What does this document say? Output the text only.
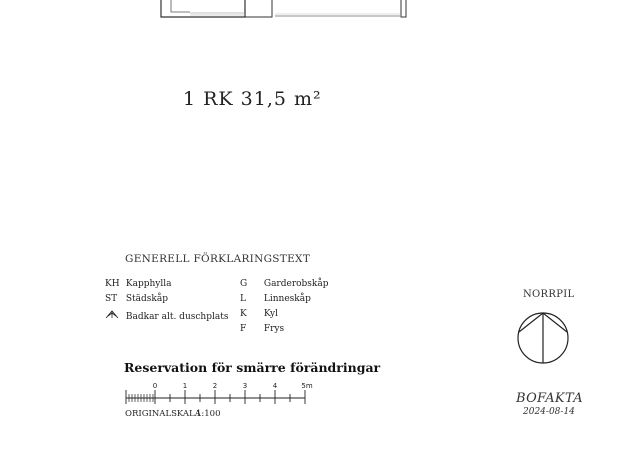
1 RK 31,5 m²
GENERELL FÖRKLARINGSTEXT
KH Kapphylla
ST Städskåp
Badkar alt. duschplats
G Garderobskåp
L Linneskåp
K Kyl
F Frys
NORRPIL
Reservation för smärre förändringar
0	1	2	3	4	5m
ORIGINALSKALA
1:100
BOFAKTA
2024-08-14
